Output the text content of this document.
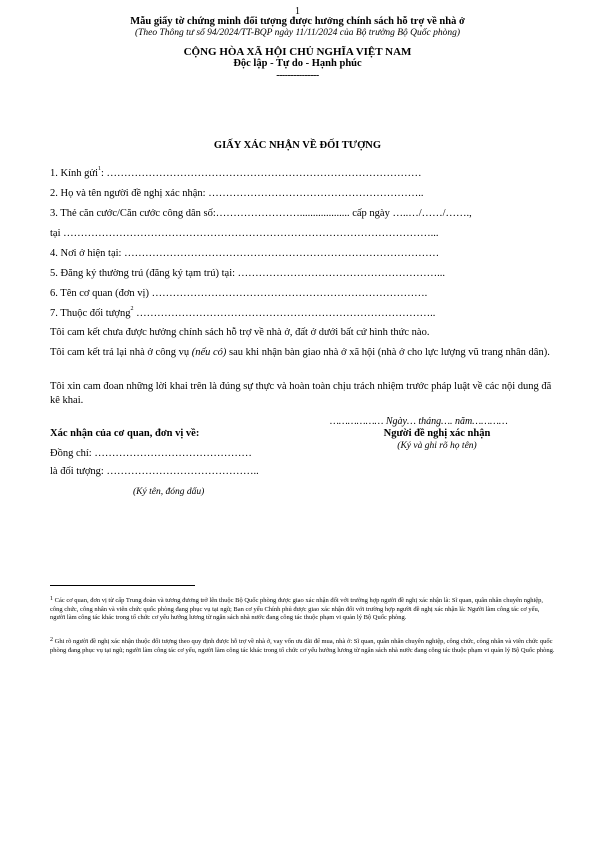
1
Mẫu giấy tờ chứng minh đối tượng được hưởng chính sách hỗ trợ về nhà ở
(Theo Thông tư số 94/2024/TT-BQP ngày 11/11/2024 của Bộ trưởng Bộ Quốc phòng)
CỘNG HÒA XÃ HỘI CHỦ NGHĨA VIỆT NAM
Độc lập - Tự do - Hạnh phúc
---------------
GIẤY XÁC NHẬN VỀ ĐỐI TƯỢNG
1. Kính gửi$^1$: ………………………………………………………………………………
2. Họ và tên người đề nghị xác nhận: ……………………………………………………..
3. Thẻ căn cước/Căn cước công dân số:……………………................... cấp ngày …..…/……/…….,
tại ……………………………………………………………………………………………...
4. Nơi ở hiện tại: ………………………………………………………………………………
5. Đăng ký thường trú (đăng ký tạm trú) tại: …………………………………………………...
6. Tên cơ quan (đơn vị) …………………………………………………………………….
7. Thuộc đối tượng$^2$ …………………………………………………………………………..
Tôi cam kết chưa được hưởng chính sách hỗ trợ về nhà ở, đất ở dưới bất cứ hình thức nào.
Tôi cam kết trả lại nhà ở công vụ (nếu có) sau khi nhận bàn giao nhà ở xã hội (nhà ở cho lực lượng vũ trang nhân dân).
Tôi xin cam đoan những lời khai trên là đúng sự thực và hoàn toàn chịu trách nhiệm trước pháp luật về các nội dung đã kê khai.
……………… Ngày… tháng…. năm…………
Xác nhận của cơ quan, đơn vị về:	Người đề nghị xác nhận
(Ký và ghi rõ họ tên)
Đồng chí: ………………………………………
là đối tượng: ……………………………………..
(Ký tên, đóng dấu)
$^1$ Các cơ quan, đơn vị từ cấp Trung đoàn và tương đương trở lên thuộc Bộ Quốc phòng được giao xác nhận đối với trường hợp người đề nghị xác nhận là: Sĩ quan, quân nhân chuyên nghiệp, công chức, công nhân và viên chức quốc phòng đang phục vụ tại ngũ; Ban cơ yếu Chính phủ được giao xác nhận đối với trường hợp người đề nghị xác nhận là: Người làm công tác cơ yếu, người làm công tác khác trong tổ chức cơ yếu hưởng lương từ ngân sách nhà nước đang công tác thuộc phạm vi quản lý Bộ Quốc phòng.
$^2$ Ghi rõ người đề nghị xác nhận thuộc đối tượng theo quy định được hỗ trợ về nhà ở, vay vốn ưu đãi để mua, nhà ở: Sĩ quan, quân nhân chuyên nghiệp, công chức, công nhân và viên chức quốc phòng đang phục vụ tại ngũ; người làm công tác cơ yếu, người làm công tác khác trong tổ chức cơ yếu hưởng lương từ ngân sách nhà nước đang công tác thuộc phạm vi quản lý Bộ Quốc phòng.
